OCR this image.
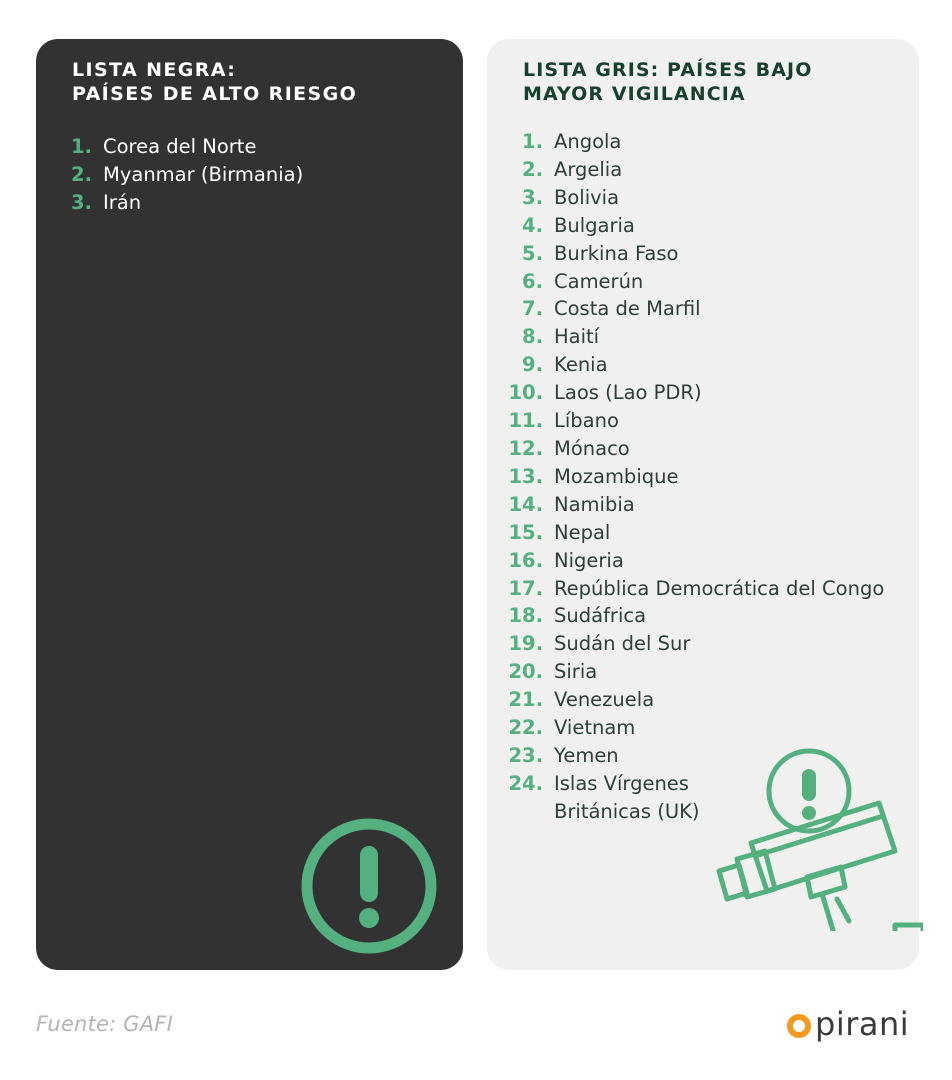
LISTA NEGRA:
PAÍSES DE ALTO RIESGO
1. Corea del Norte
2. Myanmar (Birmania)
3. Irán
LISTA GRIS: PAÍSES BAJO
MAYOR VIGILANCIA
1. Angola
2. Argelia
3. Bolivia
4. Bulgaria
5. Burkina Faso
6. Camerún
7. Costa de Marfil
8. Haití
9. Kenia
10. Laos (Lao PDR)
11. Líbano
12. Mónaco
13. Mozambique
14. Namibia
15. Nepal
16. Nigeria
17. República Democrática del Congo
18. Sudáfrica
19. Sudán del Sur
20. Siria
21. Venezuela
22. Vietnam
23. Yemen
24. Islas Vírgenes
Británicas (UK)
Fuente: GAFI	pirani
